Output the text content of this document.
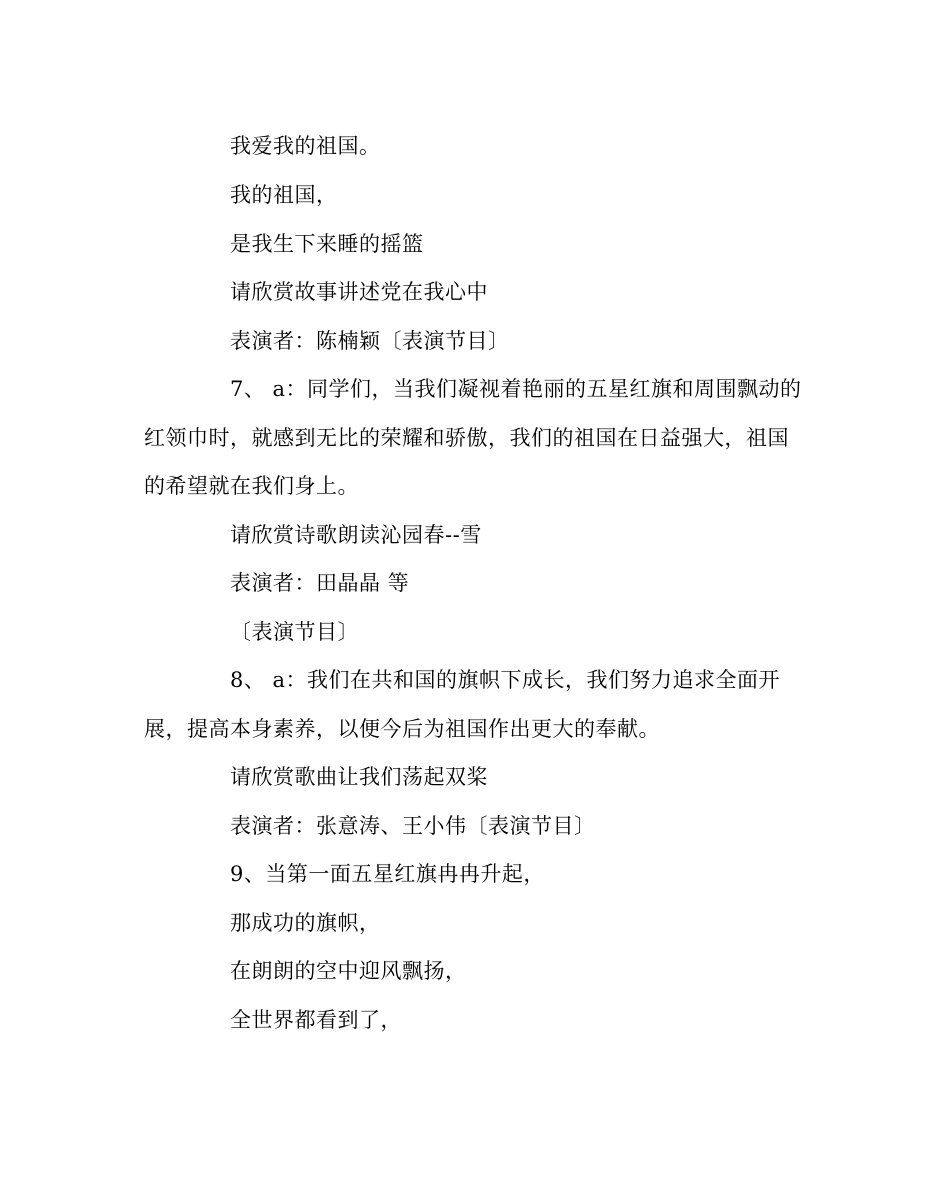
我爱我的祖国。
我的祖国，
是我生下来睡的摇篮
请欣赏故事讲述党在我心中
表演者：陈楠颖〔表演节目〕
7、 a：同学们，当我们凝视着艳丽的五星红旗和周围飘动的
红领巾时，就感到无比的荣耀和骄傲，我们的祖国在日益强大，祖国
的希望就在我们身上。
请欣赏诗歌朗读沁园春--雪
表演者：田晶晶 等
〔表演节目〕
8、 a：我们在共和国的旗帜下成长，我们努力追求全面开
展，提高本身素养，以便今后为祖国作出更大的奉献。
请欣赏歌曲让我们荡起双桨
表演者：张意涛、王小伟〔表演节目〕
9、当第一面五星红旗冉冉升起，
那成功的旗帜，
在朗朗的空中迎风飘扬，
全世界都看到了，
